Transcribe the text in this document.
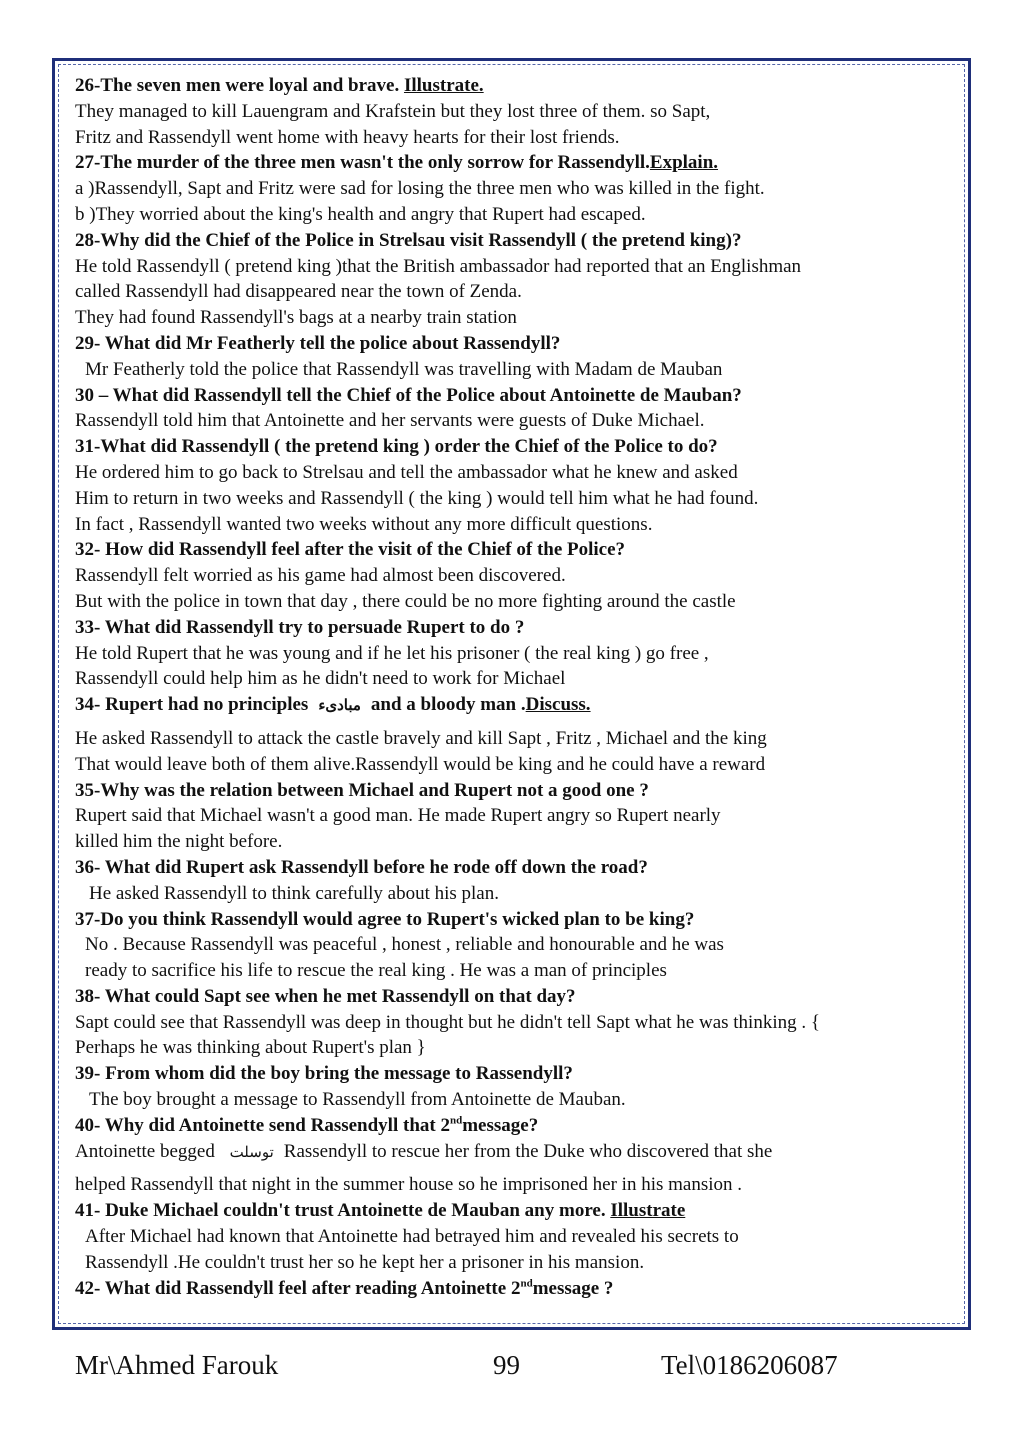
26-The seven men were loyal and brave. Illustrate.

They managed to kill Lauengram and Krafstein but they lost three of them. so Sapt,

Fritz and Rassendyll went home with heavy hearts for their lost friends.

27-The murder of the three men wasn't the only sorrow for Rassendyll.Explain.

a )Rassendyll, Sapt and Fritz were sad for losing the three men who was killed in the fight.

b )They worried about the king's health and angry that Rupert had escaped.

28-Why did the Chief of the Police in Strelsau visit Rassendyll ( the pretend king)?

He told Rassendyll ( pretend king )that the British ambassador had reported that an Englishman

called Rassendyll had disappeared near the town of Zenda.

They had found Rassendyll's bags at a nearby train station

29- What did Mr Featherly tell the police about Rassendyll?

Mr Featherly told the police that Rassendyll was travelling with Madam de Mauban

30 – What did Rassendyll tell the Chief of the Police about Antoinette de Mauban?

Rassendyll told him that Antoinette and her servants were guests of Duke Michael.

31-What did Rassendyll ( the pretend king ) order the Chief of the Police to do?

He ordered him to go back to Strelsau and tell the ambassador what he knew and asked

Him to return in two weeks and Rassendyll ( the king ) would tell him what he had found.

In fact , Rassendyll wanted two weeks without any more difficult questions.

32- How did Rassendyll feel after the visit of the Chief of the Police?

Rassendyll felt worried as his game had almost been discovered.

But with the police in town that day , there could be no more fighting around the castle

33- What did Rassendyll try to persuade Rupert to do ?

He told Rupert that he was young and if he let his prisoner ( the real king ) go free ,

Rassendyll could help him as he didn't need to work for Michael

34- Rupert had no principles مبادىء and a bloody man .Discuss.

He asked Rassendyll to attack the castle bravely and kill Sapt , Fritz , Michael and the king

That would leave both of them alive.Rassendyll would be king and he could have a reward

35-Why was the relation between Michael and Rupert not a good one ?

Rupert said that Michael wasn't a good man. He made Rupert angry so Rupert nearly

killed him the night before.

36- What did Rupert ask Rassendyll before he rode off down the road?

He asked Rassendyll to think carefully about his plan.

37-Do you think Rassendyll would agree to Rupert's wicked plan to be king?

No . Because Rassendyll was peaceful , honest , reliable and honourable and he was

ready to sacrifice his life to rescue the real king . He was a man of principles

38- What could Sapt see when he met Rassendyll on that day?

Sapt could see that Rassendyll was deep in thought but he didn't tell Sapt what he was thinking . {

Perhaps he was thinking about Rupert's plan }

39- From whom did the boy bring the message to Rassendyll?

The boy brought a message to Rassendyll from Antoinette de Mauban.

40- Why did Antoinette send Rassendyll that 2ndmessage?

Antoinette begged توسلت Rassendyll to rescue her from the Duke who discovered that she

helped Rassendyll that night in the summer house so he imprisoned her in his mansion .

41- Duke Michael couldn't trust Antoinette de Mauban any more. Illustrate

After Michael had known that Antoinette had betrayed him and revealed his secrets to

Rassendyll .He couldn't trust her so he kept her a prisoner in his mansion.

42- What did Rassendyll feel after reading Antoinette 2ndmessage ?

Mr\Ahmed Farouk	99	Tel\0186206087
